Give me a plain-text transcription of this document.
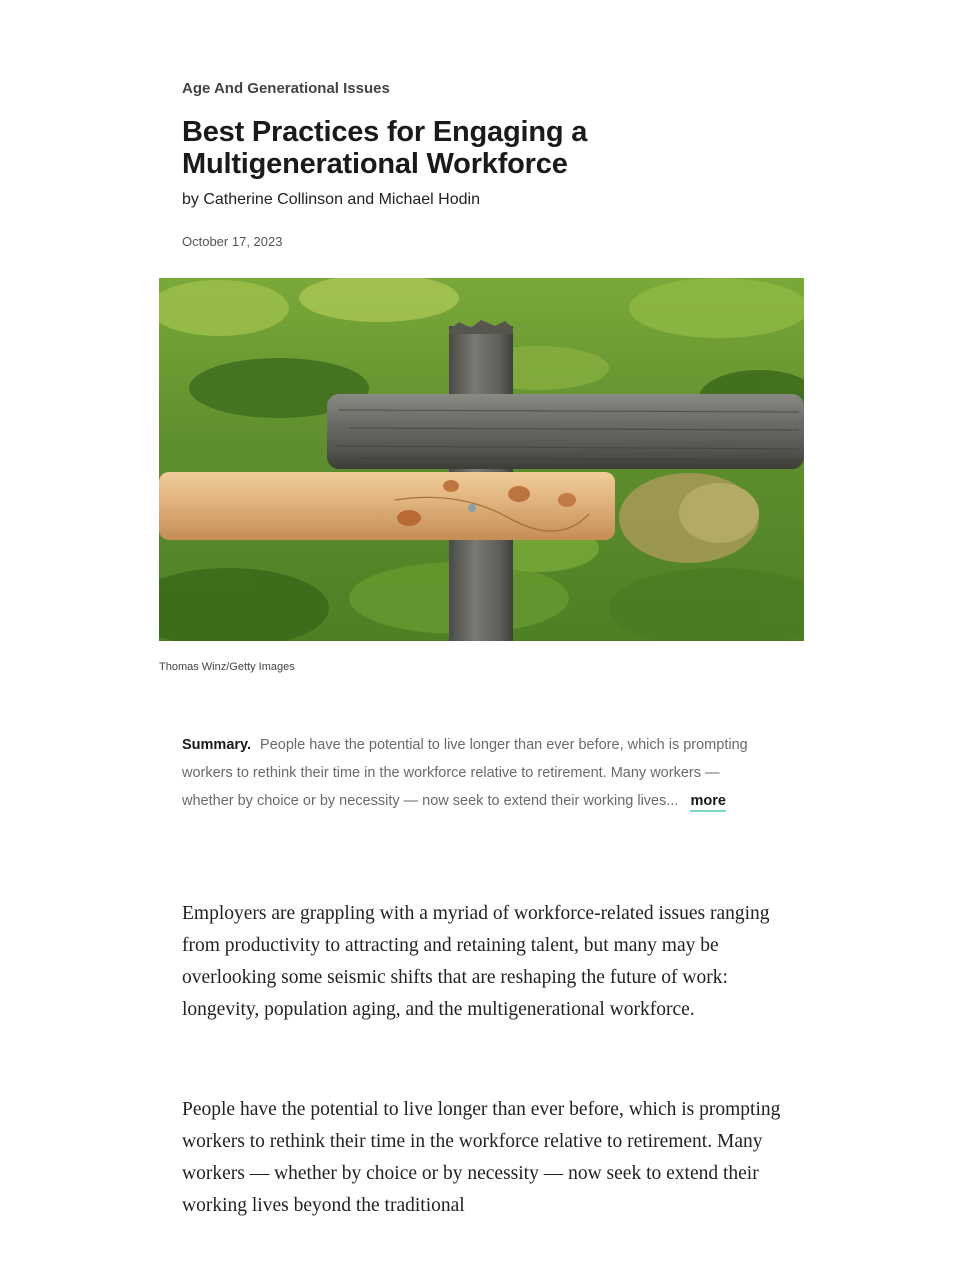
Age And Generational Issues
Best Practices for Engaging a Multigenerational Workforce
by Catherine Collinson and Michael Hodin
October 17, 2023
Thomas Winz/Getty Images
Summary. People have the potential to live longer than ever before, which is prompting workers to rethink their time in the workforce relative to retirement. Many workers — whether by choice or by necessity — now seek to extend their working lives... more

Employers are grappling with a myriad of workforce-related issues ranging from productivity to attracting and retaining talent, but many may be overlooking some seismic shifts that are reshaping the future of work: longevity, population aging, and the multigenerational workforce.

People have the potential to live longer than ever before, which is prompting workers to rethink their time in the workforce relative to retirement. Many workers — whether by choice or by necessity — now seek to extend their working lives beyond the traditional
